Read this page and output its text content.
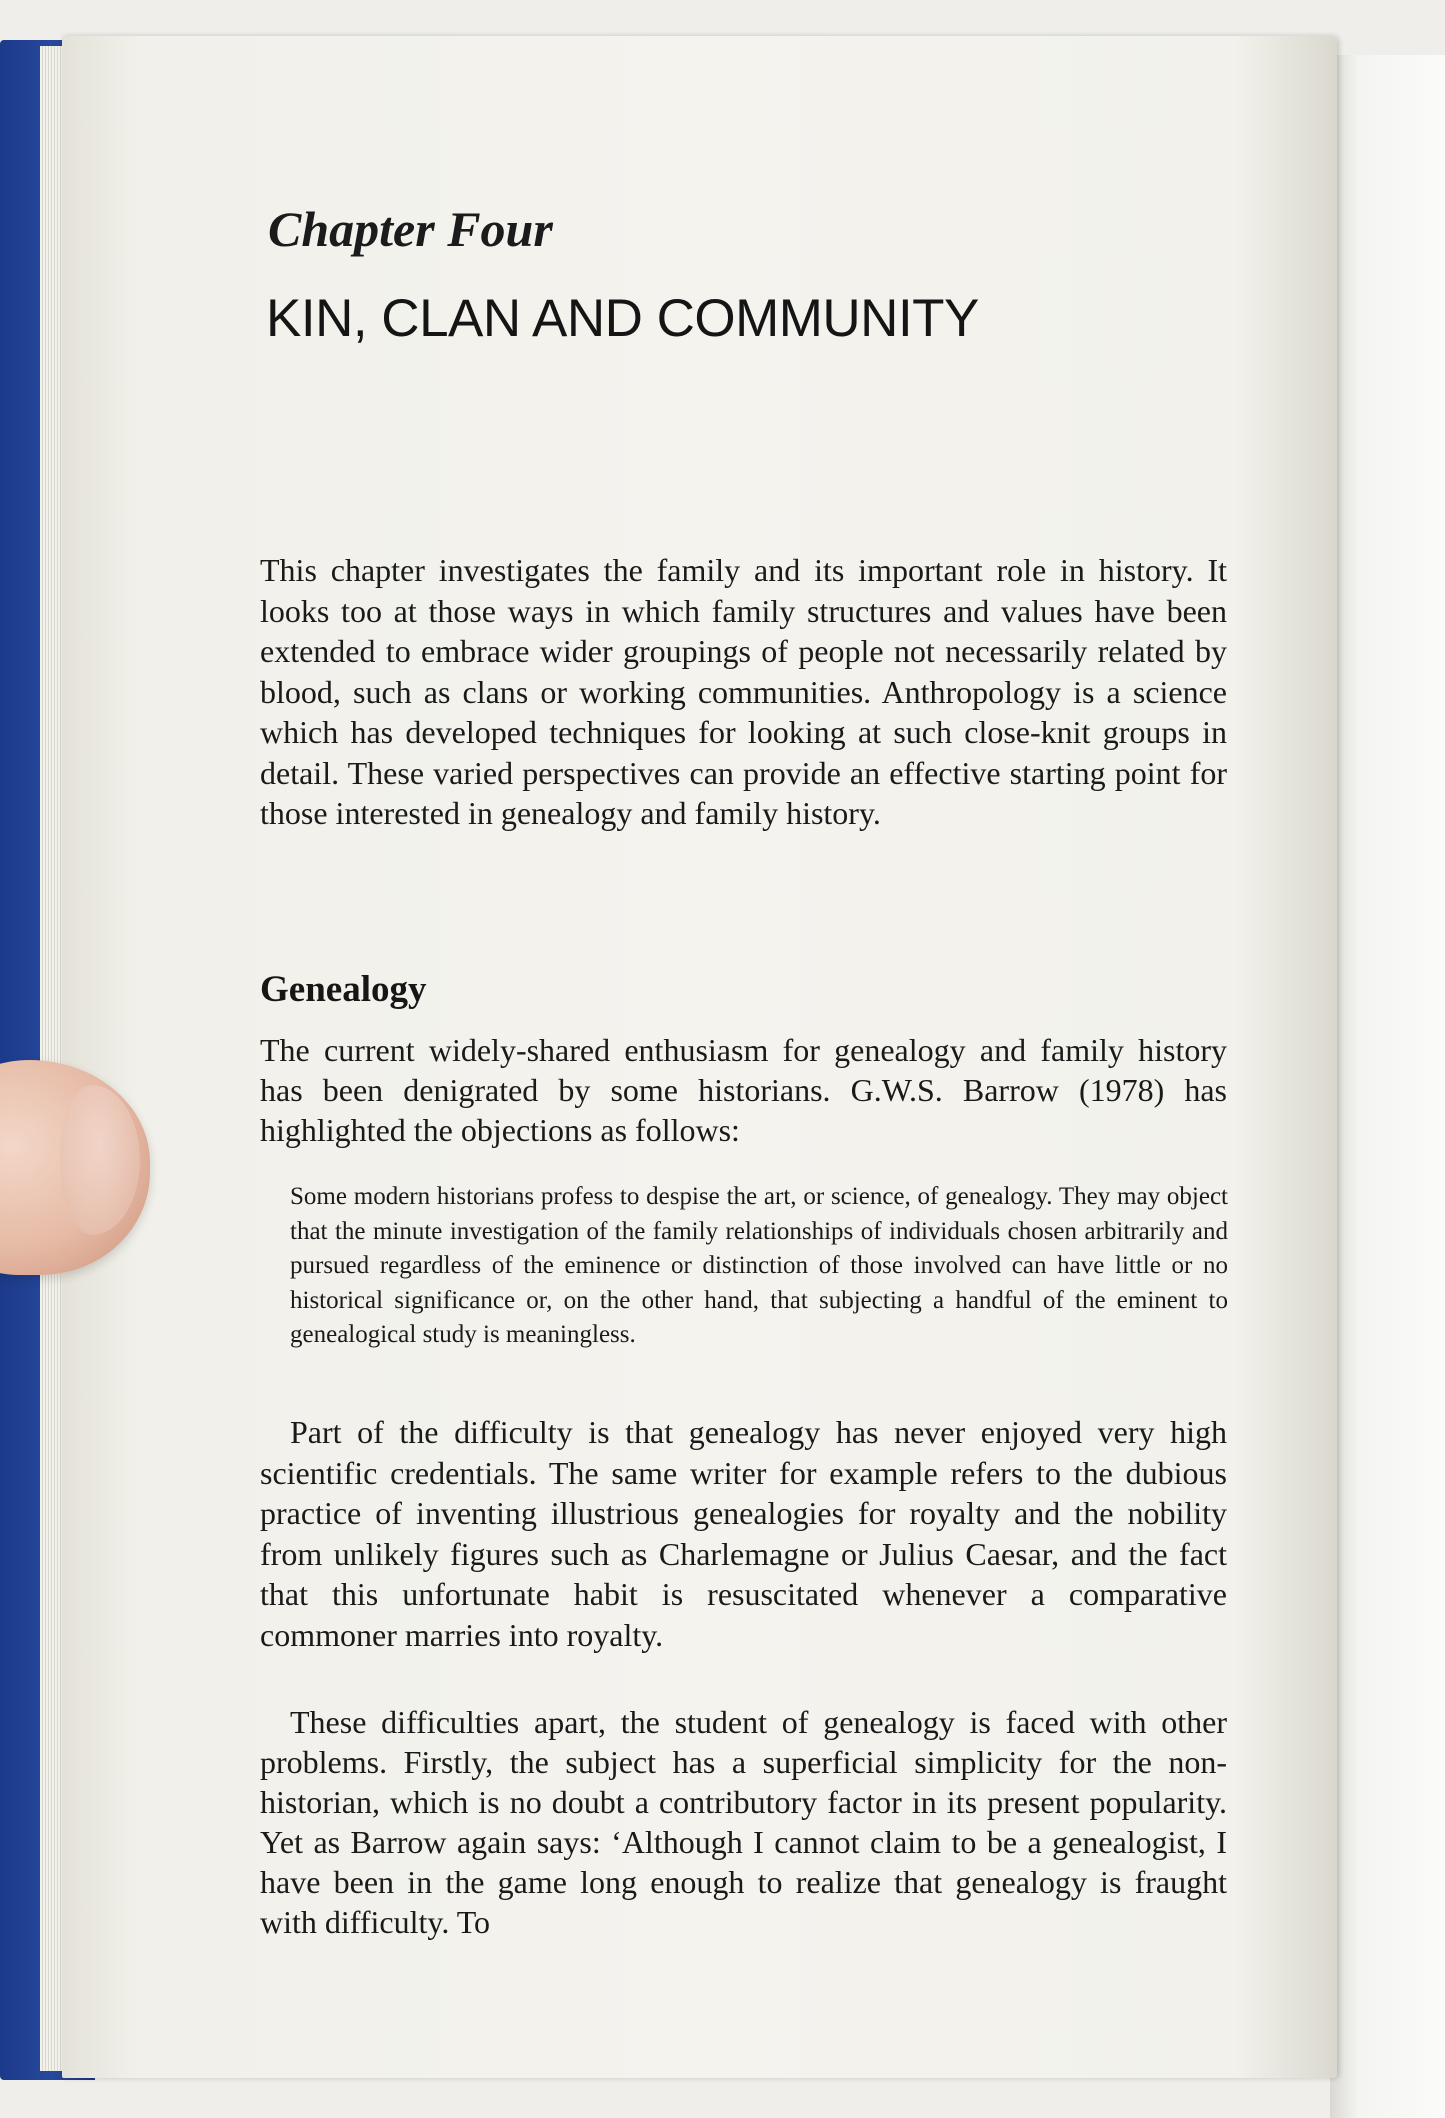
Chapter Four
KIN, CLAN AND COMMUNITY

This chapter investigates the family and its important role in history. It looks too at those ways in which family structures and values have been extended to embrace wider groupings of people not necessarily related by blood, such as clans or working communities. Anthropology is a science which has developed techniques for looking at such close-knit groups in detail. These varied perspectives can provide an effective starting point for those interested in genealogy and family history.

Genealogy

The current widely-shared enthusiasm for genealogy and family history has been denigrated by some historians. G.W.S. Barrow (1978) has highlighted the objections as follows:

Some modern historians profess to despise the art, or science, of genealogy. They may object that the minute investigation of the family relationships of individuals chosen arbitrarily and pursued regardless of the eminence or distinction of those involved can have little or no historical significance or, on the other hand, that subjecting a handful of the eminent to genealogical study is meaningless.

Part of the difficulty is that genealogy has never enjoyed very high scientific credentials. The same writer for example refers to the dubious practice of inventing illustrious genealogies for royalty and the nobility from unlikely figures such as Charlemagne or Julius Caesar, and the fact that this unfortunate habit is resuscitated whenever a comparative commoner marries into royalty.

These difficulties apart, the student of genealogy is faced with other problems. Firstly, the subject has a superficial simplicity for the non-historian, which is no doubt a contributory factor in its present popularity. Yet as Barrow again says: ‘Although I cannot claim to be a genealogist, I have been in the game long enough to realize that genealogy is fraught with difficulty. To
